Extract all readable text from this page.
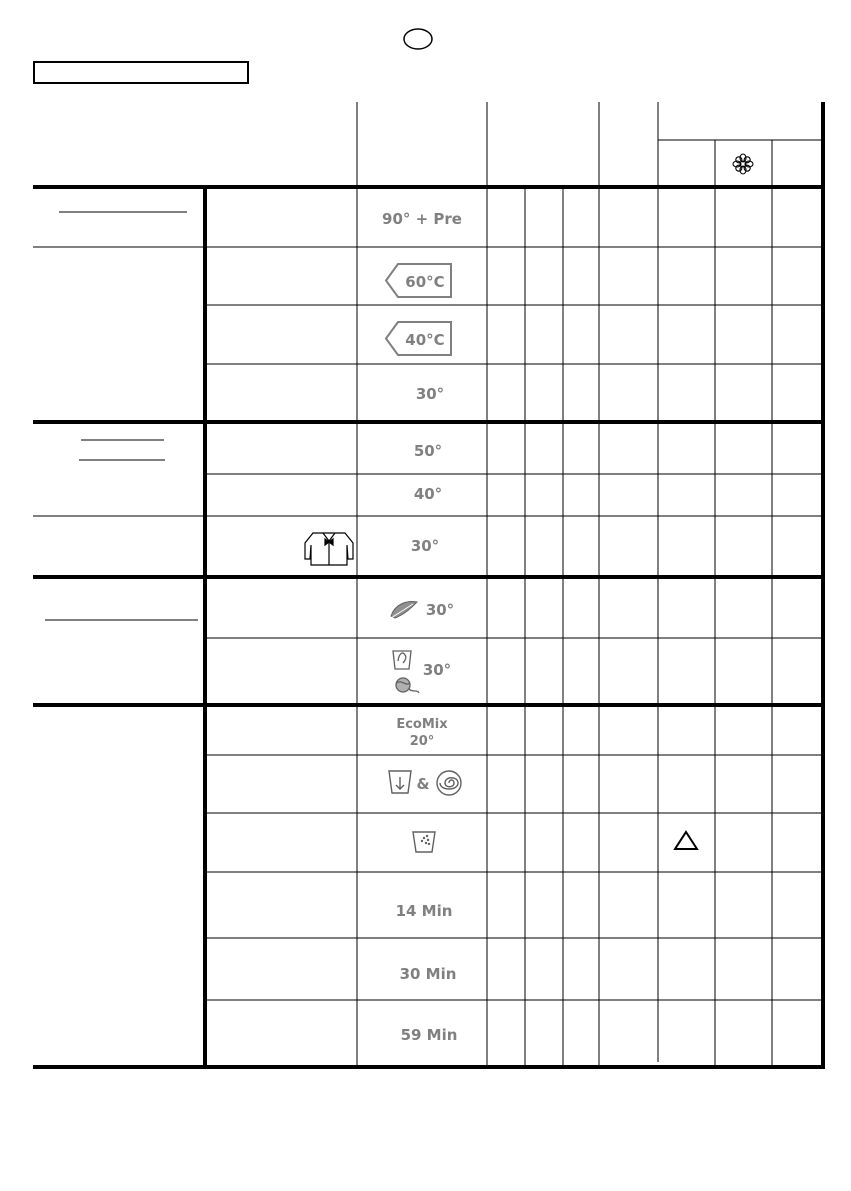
90° + Pre
60°C
40°C
30°
50°
40°
30°
30°
30°
EcoMix
20°
&
14 Min
30 Min
59 Min
